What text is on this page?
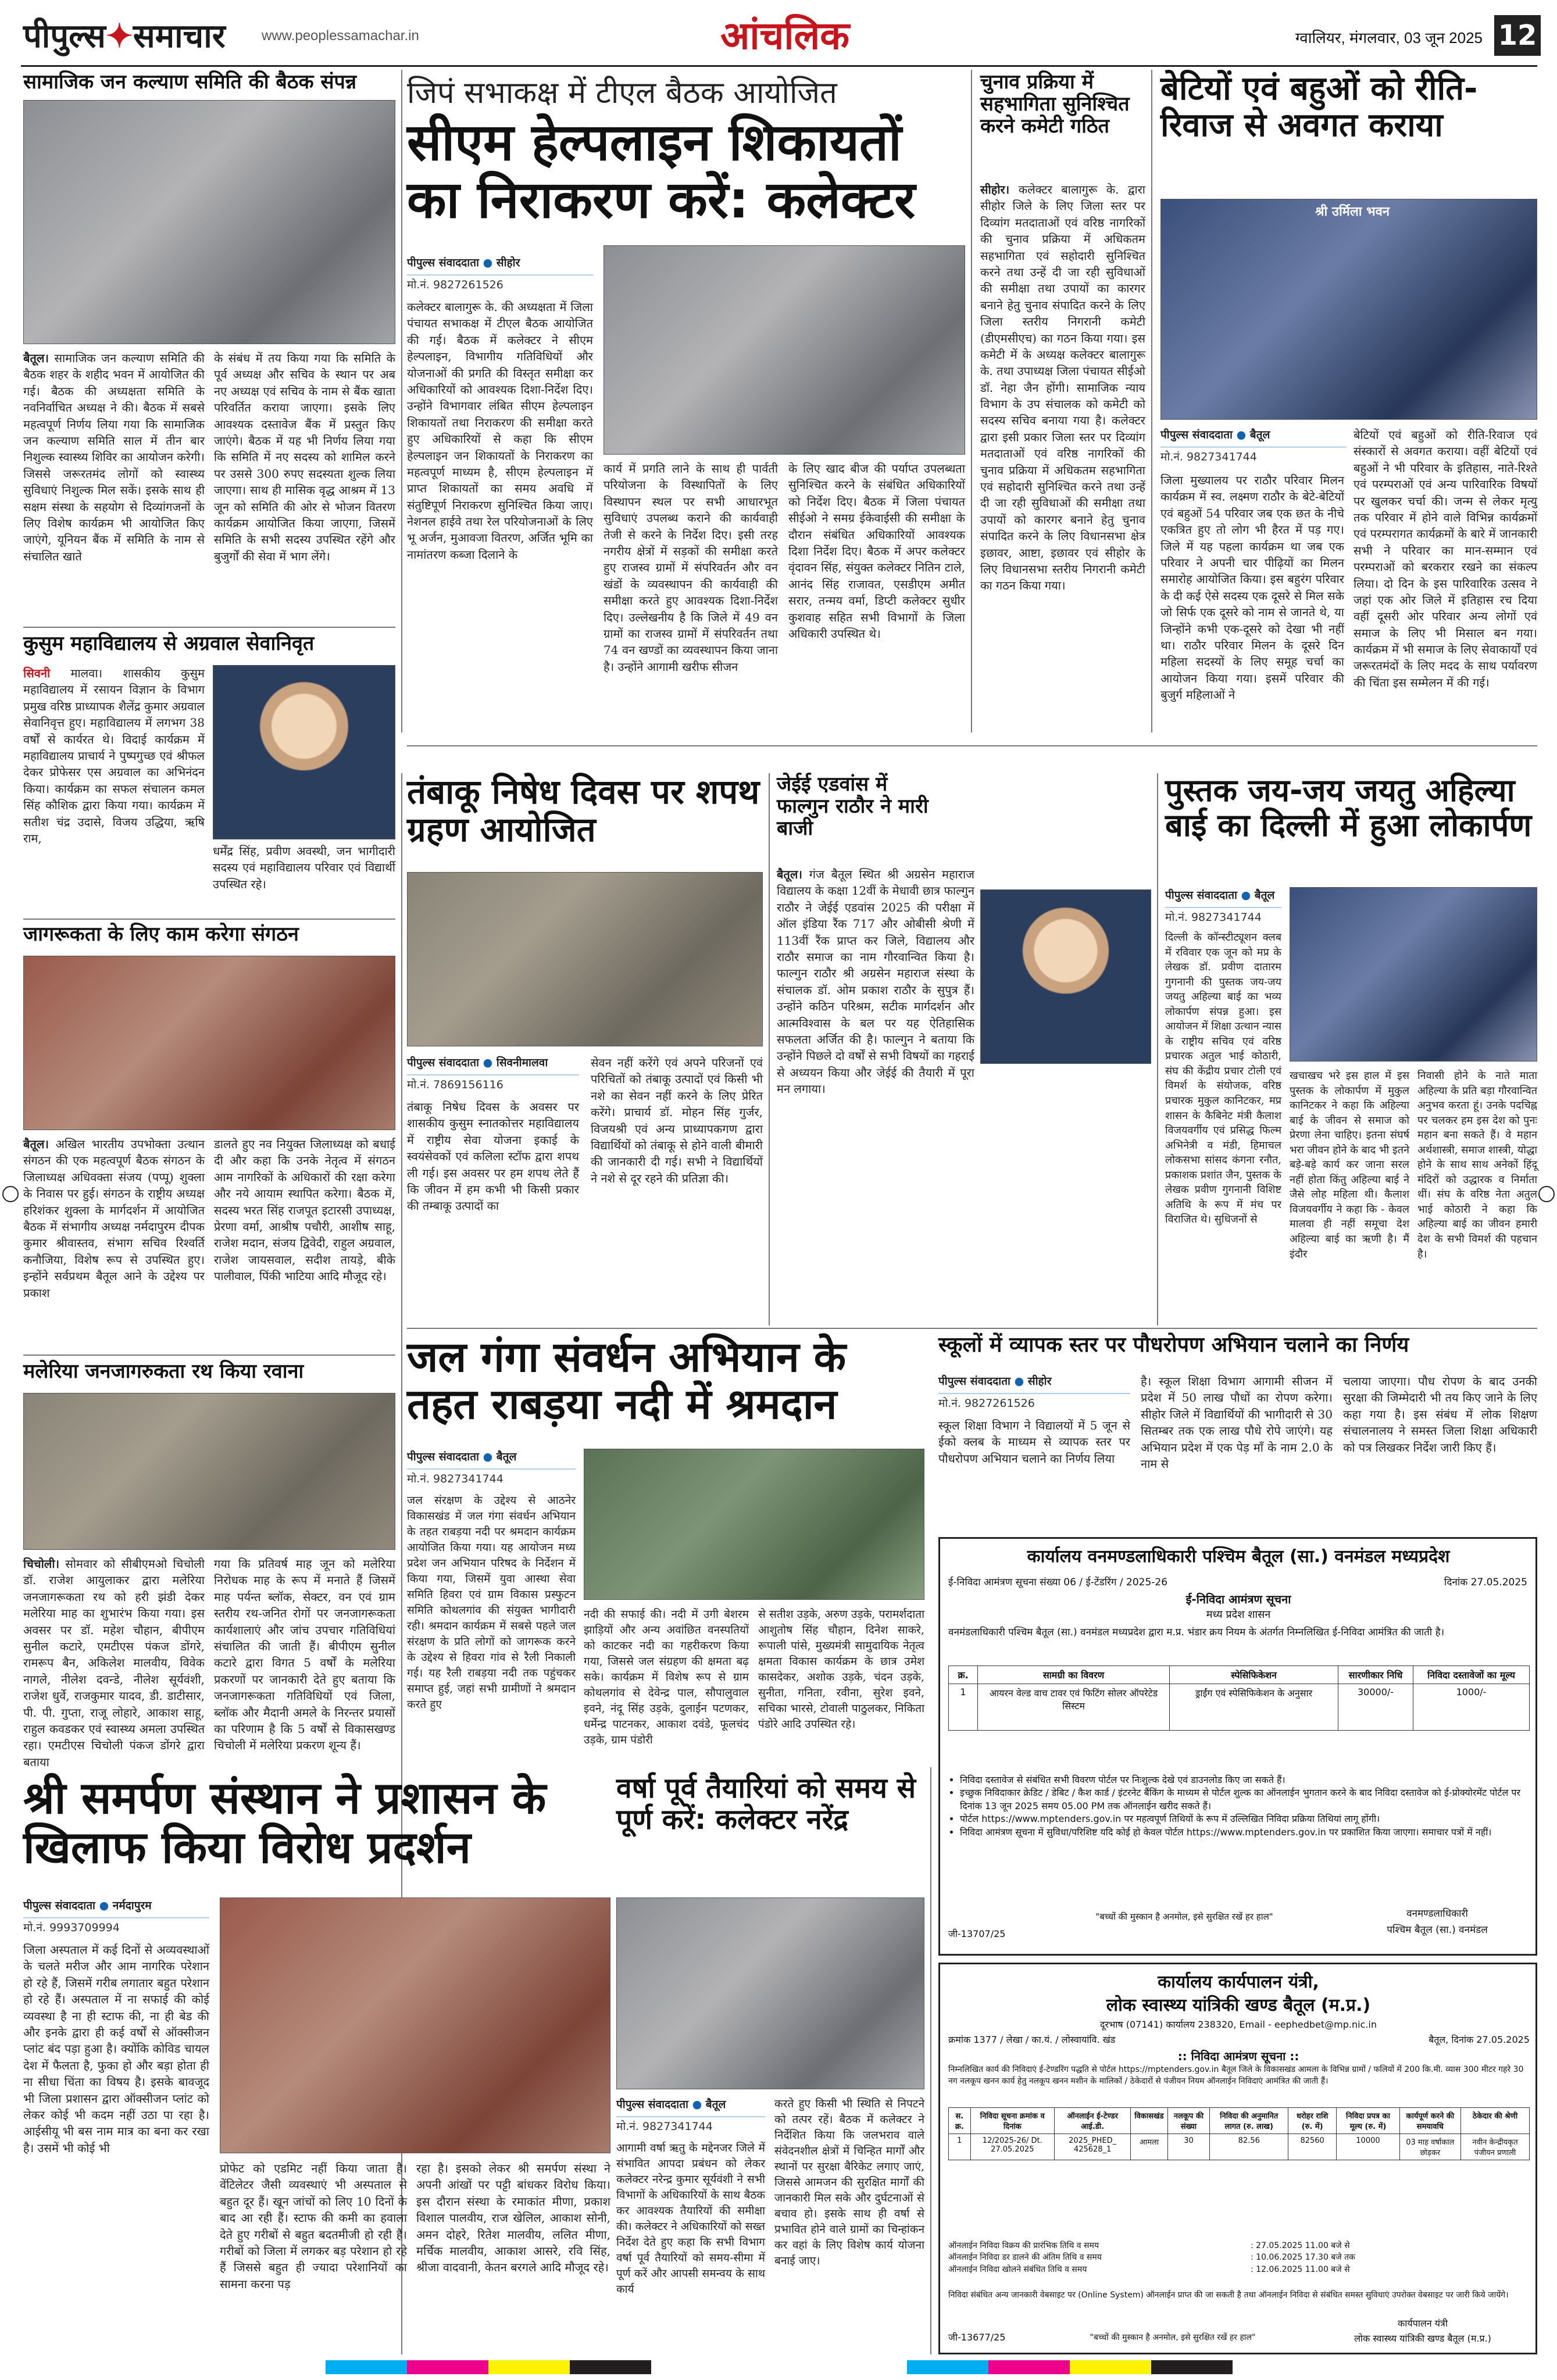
पीपुल्स✦समाचार	www.peoplessamachar.in	आंचलिक	ग्वालियर, मंगलवार, 03 जून 2025 12
सामाजिक जन कल्याण समिति की बैठक संपन्न
बैतूल। सामाजिक जन कल्याण समिति की बैठक शहर के शहीद भवन में आयोजित की गई। बैठक की अध्यक्षता समिति के नवनिर्वाचित अध्यक्ष ने की। बैठक में सबसे महत्वपूर्ण निर्णय लिया गया कि सामाजिक जन कल्याण समिति साल में तीन बार निशुल्क स्वास्थ्य शिविर का आयोजन करेगी। जिससे जरूरतमंद लोगों को स्वास्थ्य सुविधाएं निशुल्क मिल सकें। इसके साथ ही सक्षम संस्था के सहयोग से दिव्यांगजनों के लिए विशेष कार्यक्रम भी आयोजित किए जाएंगे, यूनियन बैंक में समिति के नाम से संचालित खाते
के संबंध में तय किया गया कि समिति के पूर्व अध्यक्ष और सचिव के स्थान पर अब नए अध्यक्ष एवं सचिव के नाम से बैंक खाता परिवर्तित कराया जाएगा। इसके लिए आवश्यक दस्तावेज बैंक में प्रस्तुत किए जाएंगे। बैठक में यह भी निर्णय लिया गया कि समिति में नए सदस्य को शामिल करने पर उससे 300 रुपए सदस्यता शुल्क लिया जाएगा। साथ ही मासिक वृद्ध आश्रम में 13 जून को समिति की ओर से भोजन वितरण कार्यक्रम आयोजित किया जाएगा, जिसमें समिति के सभी सदस्य उपस्थित रहेंगे और बुजुर्गों की सेवा में भाग लेंगे।
कुसुम महाविद्यालय से अग्रवाल सेवानिवृत
सिवनी मालवा। शासकीय कुसुम महाविद्यालय में रसायन विज्ञान के विभाग प्रमुख वरिष्ठ प्राध्यापक शैलेंद्र कुमार अग्रवाल सेवानिवृत्त हुए। महाविद्यालय में लगभग 38 वर्षों से कार्यरत थे। विदाई कार्यक्रम में महाविद्यालय प्राचार्य ने पुष्पगुच्छ एवं श्रीफल देकर प्रोफेसर एस अग्रवाल का अभिनंदन किया। कार्यक्रम का सफल संचालन कमल सिंह कौशिक द्वारा किया गया। कार्यक्रम में सतीश चंद्र उदासे, विजय उद्धिया, ऋषि राम,
धर्मेंद्र सिंह, प्रवीण अवस्थी, जन भागीदारी सदस्य एवं महाविद्यालय परिवार एवं विद्यार्थी उपस्थित रहे।
जागरूकता के लिए काम करेगा संगठन
बैतूल। अखिल भारतीय उपभोक्ता उत्थान संगठन की एक महत्वपूर्ण बैठक संगठन के जिलाध्यक्ष अधिवक्ता संजय (पप्पू) शुक्ला के निवास पर हुई। संगठन के राष्ट्रीय अध्यक्ष हरिशंकर शुक्ला के मार्गदर्शन में आयोजित बैठक में संभागीय अध्यक्ष नर्मदापुरम दीपक कुमार श्रीवास्तव, संभाग सचिव रिश्वर्ति कनौजिया, विशेष रूप से उपस्थित हुए। इन्होंने सर्वप्रथम बैतूल आने के उद्देश्य पर प्रकाश
डालते हुए नव नियुक्त जिलाध्यक्ष को बधाई दी और कहा कि उनके नेतृत्व में संगठन आम नागरिकों के अधिकारों की रक्षा करेगा और नये आयाम स्थापित करेगा। बैठक में, सदस्य भरत सिंह राजपूत इटारसी उपाध्यक्ष, प्रेरणा वर्मा, आश्रीष पचौरी, आशीष साहू, राजेश मदान, संजय द्विवेदी, राहुल अग्रवाल, राजेश जायसवाल, सदीश तायड़े, बीके पालीवाल, पिंकी भाटिया आदि मौजूद रहे।
मलेरिया जनजागरुकता रथ किया रवाना
चिचोली। सोमवार को सीबीएमओ चिचोली डॉ. राजेश आयुलाकर द्वारा मलेरिया जनजागरूकता रथ को हरी झंडी देकर मलेरिया माह का शुभारंभ किया गया। इस अवसर पर डॉ. महेश चौहान, बीपीएम सुनील कटारे, एमटीएस पंकज डोंगरे, रामरूप बैन, अकिलेश मालवीय, विवेक नागले, नीलेश दवन्डे, नीलेश सूर्यवंशी, राजेश धुर्वे, राजकुमार यादव, डी. डाटीसार, पी. पी. गुप्ता, राजू लोहारे, आकाश साहू, राहुल कवडकर एवं स्वास्थ्य अमला उपस्थित रहा। एमटीएस चिचोली पंकज डोंगरे द्वारा बताया
गया कि प्रतिवर्ष माह जून को मलेरिया निरोधक माह के रूप में मनाते हैं जिसमें माह पर्यन्त ब्लॉक, सेक्टर, वन एवं ग्राम स्तरीय रथ-जनित रोगों पर जनजागरूकता कार्यशालाएं और जांच उपचार गतिविधियां संचालित की जाती हैं। बीपीएम सुनील कटारे द्वारा विगत 5 वर्षों के मलेरिया प्रकरणों पर जानकारी देते हुए बताया कि जनजागरूकता गतिविधियों एवं जिला, ब्लॉक और मैदानी अमले के निरन्तर प्रयासों का परिणाम है कि 5 वर्षों से विकासखण्ड चिचोली में मलेरिया प्रकरण शून्य हैं।
जिपं सभाकक्ष में टीएल बैठक आयोजित
सीएम हेल्पलाइन शिकायतों का निराकरण करें: कलेक्टर
पीपुल्स संवाददाता ● सीहोर
मो.नं. 9827261526
कलेक्टर बालागुरू के. की अध्यक्षता में जिला पंचायत सभाकक्ष में टीएल बैठक आयोजित की गई। बैठक में कलेक्टर ने सीएम हेल्पलाइन, विभागीय गतिविधियों और योजनाओं की प्रगति की विस्तृत समीक्षा कर अधिकारियों को आवश्यक दिशा-निर्देश दिए। उन्होंने विभागवार लंबित सीएम हेल्पलाइन शिकायतों तथा निराकरण की समीक्षा करते हुए अधिकारियों से कहा कि सीएम हेल्पलाइन जन शिकायतों के निराकरण का महत्वपूर्ण माध्यम है, सीएम हेल्पलाइन में प्राप्त शिकायतों का समय अवधि में संतुष्टिपूर्ण निराकरण सुनिश्चित किया जाए। नेशनल हाईवे तथा रेल परियोजनाओं के लिए भू अर्जन, मुआवजा वितरण, अर्जित भूमि का नामांतरण कब्जा दिलाने के
कार्य में प्रगति लाने के साथ ही पार्वती परियोजना के विस्थापितों के लिए विस्थापन स्थल पर सभी आधारभूत सुविधाएं उपलब्ध कराने की कार्यवाही तेजी से करने के निर्देश दिए। इसी तरह नगरीय क्षेत्रों में सड़कों की समीक्षा करते हुए राजस्व ग्रामों में संपरिवर्तन और वन खंडों के व्यवस्थापन की कार्यवाही की समीक्षा करते हुए आवश्यक दिशा-निर्देश दिए। उल्लेखनीय है कि जिले में 49 वन ग्रामों का राजस्व ग्रामों में संपरिवर्तन तथा 74 वन खण्डों का व्यवस्थापन किया जाना है। उन्होंने आगामी खरीफ सीजन
के लिए खाद बीज की पर्याप्त उपलब्धता सुनिश्चित करने के संबंधित अधिकारियों को निर्देश दिए। बैठक में जिला पंचायत सीईओ ने समग्र ईकेवाईसी की समीक्षा के दौरान संबंधित अधिकारियों आवश्यक दिशा निर्देश दिए। बैठक में अपर कलेक्टर वृंदावन सिंह, संयुक्त कलेक्टर नितिन टाले, आनंद सिंह राजावत, एसडीएम अमीत सरार, तन्मय वर्मा, डिप्टी कलेक्टर सुधीर कुशवाह सहित सभी विभागों के जिला अधिकारी उपस्थित थे।
चुनाव प्रक्रिया में सहभागिता सुनिश्चित करने कमेटी गठित
सीहोर। कलेक्टर बालागुरू के. द्वारा सीहोर जिले के लिए जिला स्तर पर दिव्यांग मतदाताओं एवं वरिष्ठ नागरिकों की चुनाव प्रक्रिया में अधिकतम सहभागिता एवं सहोदारी सुनिश्चित करने तथा उन्हें दी जा रही सुविधाओं की समीक्षा तथा उपायों का कारगर बनाने हेतु चुनाव संपादित करने के लिए जिला स्तरीय निगरानी कमेटी (डीएमसीएच) का गठन किया गया। इस कमेटी में के अध्यक्ष कलेक्टर बालागुरू के. तथा उपाध्यक्ष जिला पंचायत सीईओ डॉ. नेहा जैन होंगी। सामाजिक न्याय विभाग के उप संचालक को कमेटी को सदस्य सचिव बनाया गया है। कलेक्टर द्वारा इसी प्रकार जिला स्तर पर दिव्यांग मतदाताओं एवं वरिष्ठ नागरिकों की चुनाव प्रक्रिया में अधिकतम सहभागिता एवं सहोदारी सुनिश्चित करने तथा उन्हें दी जा रही सुविधाओं की समीक्षा तथा उपायों को कारगर बनाने हेतु चुनाव संपादित करने के लिए विधानसभा क्षेत्र इछावर, आष्टा, इछावर एवं सीहोर के लिए विधानसभा स्तरीय निगरानी कमेटी का गठन किया गया।
बेटियों एवं बहुओं को रीति-रिवाज से अवगत कराया
श्री उर्मिला भवन
पीपुल्स संवाददाता ● बैतूल
मो.नं. 9827341744
जिला मुख्यालय पर राठौर परिवार मिलन कार्यक्रम में स्व. लक्ष्मण राठौर के बेटे-बेटियों एवं बहुओं 54 परिवार जब एक छत के नीचे एकत्रित हुए तो लोग भी हैरत में पड़ गए। जिले में यह पहला कार्यक्रम था जब एक परिवार ने अपनी चार पीढ़ियों का मिलन समारोह आयोजित किया। इस बहुरंग परिवार के दी कई ऐसे सदस्य एक दूसरे से मिल सके जो सिर्फ एक दूसरे को नाम से जानते थे, या जिन्होंने कभी एक-दूसरे को देखा भी नहीं था। राठौर परिवार मिलन के दूसरे दिन महिला सदस्यों के लिए समूह चर्चा का आयोजन किया गया। इसमें परिवार की बुजुर्ग महिलाओं ने
बेटियों एवं बहुओं को रीति-रिवाज एवं संस्कारों से अवगत कराया। वहीं बेटियों एवं बहुओं ने भी परिवार के इतिहास, नाते-रिश्ते एवं परम्पराओं एवं अन्य पारिवारिक विषयों पर खुलकर चर्चा की। जन्म से लेकर मृत्यु तक परिवार में होने वाले विभिन्न कार्यक्रमों एवं परम्परागत कार्यक्रमों के बारे में जानकारी सभी ने परिवार का मान-सम्मान एवं परम्पराओं को बरकरार रखने का संकल्प लिया। दो दिन के इस पारिवारिक उत्सव ने जहां एक ओर जिले में इतिहास रच दिया वहीं दूसरी ओर परिवार अन्य लोगों एवं समाज के लिए भी मिसाल बन गया। कार्यक्रम में भी समाज के लिए सेवाकार्यों एवं जरूरतमंदों के लिए मदद के साथ पर्यावरण की चिंता इस सम्मेलन में की गई।
तंबाकू निषेध दिवस पर शपथ ग्रहण आयोजित
पीपुल्स संवाददाता ● सिवनीमालवा
मो.नं. 7869156116
तंबाकू निषेध दिवस के अवसर पर शासकीय कुसुम स्नातकोत्तर महाविद्यालय में राष्ट्रीय सेवा योजना इकाई के स्वयंसेवकों एवं कलिला स्टॉफ द्वारा शपथ ली गई। इस अवसर पर हम शपथ लेते हैं कि जीवन में हम कभी भी किसी प्रकार की तम्बाकू उत्पादों का
सेवन नहीं करेंगे एवं अपने परिजनों एवं परिचितों को तंबाकू उत्पादों एवं किसी भी नशे का सेवन नहीं करने के लिए प्रेरित करेंगे। प्राचार्य डॉ. मोहन सिंह गुर्जर, विजयश्री एवं अन्य प्राध्यापकगण द्वारा विद्यार्थियों को तंबाकू से होने वाली बीमारी की जानकारी दी गई। सभी ने विद्यार्थियों ने नशे से दूर रहने की प्रतिज्ञा की।
जेईई एडवांस में फाल्गुन राठौर ने मारी बाजी
बैतूल। गंज बैतूल स्थित श्री अग्रसेन महाराज विद्यालय के कक्षा 12वीं के मेधावी छात्र फाल्गुन राठौर ने जेईई एडवांस 2025 की परीक्षा में ऑल इंडिया रैंक 717 और ओबीसी श्रेणी में 113वीं रैंक प्राप्त कर जिले, विद्यालय और राठौर समाज का नाम गौरवान्वित किया है। फाल्गुन राठौर श्री अग्रसेन महाराज संस्था के संचालक डॉ. ओम प्रकाश राठौर के सुपुत्र हैं। उन्होंने कठिन परिश्रम, सटीक मार्गदर्शन और आत्मविश्वास के बल पर यह ऐतिहासिक सफलता अर्जित की है। फाल्गुन ने बताया कि उन्होंने पिछले दो वर्षों से सभी विषयों का गहराई से अध्ययन किया और जेईई की तैयारी में पूरा मन लगाया।
पुस्तक जय-जय जयतु अहिल्या बाई का दिल्ली में हुआ लोकार्पण
पीपुल्स संवाददाता ● बैतूल
मो.नं. 9827341744
दिल्ली के कॉन्स्टीट्यूशन क्लब में रविवार एक जून को मप्र के लेखक डॉ. प्रवीण दातारम गुगनानी की पुस्तक जय-जय जयतु अहिल्या बाई का भव्य लोकार्पण संपन्न हुआ। इस आयोजन में शिक्षा उत्थान न्यास के राष्ट्रीय सचिव एवं वरिष्ठ प्रचारक अतुल भाई कोठारी, संघ की केंद्रीय प्रचार टोली एवं विमर्श के संयोजक, वरिष्ठ प्रचारक मुकुल कानिटकर, मप्र शासन के कैबिनेट मंत्री कैलाश विजयवर्गीय एवं प्रसिद्ध फिल्म अभिनेत्री व मंडी, हिमाचल लोकसभा सांसद कंगना रनौत, प्रकाशक प्रशांत जैन, पुस्तक के लेखक प्रवीण गुगनानी विशिष्ट अतिथि के रूप में मंच पर विराजित थे। सुधिजनों से
खचाखच भरे इस हाल में इस पुस्तक के लोकार्पण में मुकुल कानिटकर ने कहा कि अहिल्या बाई के जीवन से समाज को प्रेरणा लेना चाहिए। इतना संघर्ष भरा जीवन होने के बाद भी इतने बड़े-बड़े कार्य कर जाना सरल नहीं होता किंतु अहिल्या बाई ने जैसे लोह महिला थी। कैलाश विजयवर्गीय ने कहा कि - केवल मालवा ही नहीं समूचा देश अहिल्या बाई का ऋणी है। मैं इंदौर
निवासी होने के नाते माता अहिल्या के प्रति बड़ा गौरवान्वित अनुभव करता हूं। उनके पदचिह्न पर चलकर हम इस देश को पुनः महान बना सकते हैं। वे महान अर्थशास्त्री, समाज शास्त्री, योद्धा होने के साथ साथ अनेकों हिंदू मंदिरों को उद्धारक व निर्माता थीं। संघ के वरिष्ठ नेता अतुल भाई कोठारी ने कहा कि अहिल्या बाई का जीवन हमारी देश के सभी विमर्श की पहचान है।
जल गंगा संवर्धन अभियान के तहत राबड़या नदी में श्रमदान
पीपुल्स संवाददाता ● बैतूल
मो.नं. 9827341744
जल संरक्षण के उद्देश्य से आठनेर विकासखंड में जल गंगा संवर्धन अभियान के तहत राबड़या नदी पर श्रमदान कार्यक्रम आयोजित किया गया। यह आयोजन मध्य प्रदेश जन अभियान परिषद के निर्देशन में किया गया, जिसमें युवा आस्था सेवा समिति हिवरा एवं ग्राम विकास प्रस्फुटन समिति कोथलगांव की संयुक्त भागीदारी रही। श्रमदान कार्यक्रम में सबसे पहले जल संरक्षण के प्रति लोगों को जागरूक करने के उद्देश्य से हिवरा गांव से रैली निकाली गई। यह रैली राबड़या नदी तक पहुंचकर समाप्त हुई, जहां सभी ग्रामीणों ने श्रमदान करते हुए
नदी की सफाई की। नदी में उगी बेशरम झाड़ियों और अन्य अवांछित वनस्पतियों को काटकर नदी का गहरीकरण किया गया, जिससे जल संग्रहण की क्षमता बढ़ सके। कार्यक्रम में विशेष रूप से ग्राम कोथलगांव से देवेन्द्र पाल, सौपालुवाल इवने, नंदू सिंह उड़के, दुलाईन पटणकर, धर्मेन्द्र पाटनकर, आकाश दवंडे, फूलचंद उड़के, ग्राम पंडोरी
से सतीश उड़के, अरुण उड़के, परामर्शदाता आशुतोष सिंह चौहान, दिनेश साकरे, रूपाली पांसे, मुख्यमंत्री सामुदायिक नेतृत्व क्षमता विकास कार्यक्रम के छात्र उमेश कासदेकर, अशोक उड़के, चंदन उड़के, सुनीता, गनिता, रवीना, सुरेश इवने, सचिका भारसे, टोवाली पाठुलकर, निकिता पंडोरे आदि उपस्थित रहे।
स्कूलों में व्यापक स्तर पर पौधरोपण अभियान चलाने का निर्णय
पीपुल्स संवाददाता ● सीहोर
मो.नं. 9827261526
स्कूल शिक्षा विभाग ने विद्यालयों में 5 जून से ईको क्लब के माध्यम से व्यापक स्तर पर पौधरोपण अभियान चलाने का निर्णय लिया
है। स्कूल शिक्षा विभाग आगामी सीजन में प्रदेश में 50 लाख पौधों का रोपण करेगा। सीहोर जिले में विद्यार्थियों की भागीदारी से 30 सितम्बर तक एक लाख पौधे रोपे जाएंगे। यह अभियान प्रदेश में एक पेड़ माँ के नाम 2.0 के नाम से
चलाया जाएगा। पौध रोपण के बाद उनकी सुरक्षा की जिम्मेदारी भी तय किए जाने के लिए कहा गया है। इस संबंध में लोक शिक्षण संचालनालय ने समस्त जिला शिक्षा अधिकारी को पत्र लिखकर निर्देश जारी किए हैं।
कार्यालय वनमण्डलाधिकारी पश्चिम बैतूल (सा.) वनमंडल मध्यप्रदेश
ई-निविदा आमंत्रण सूचना संख्या 06 / ई-टेंडरिंग / 2025-26	दिनांक 27.05.2025
ई-निविदा आमंत्रण सूचना
मध्य प्रदेश शासन
वनमंडलाधिकारी पश्चिम बैतूल (सा.) वनमंडल मध्यप्रदेश द्वारा म.प्र. भंडार क्रय नियम के अंतर्गत निम्नलिखित ई-निविदा आमंत्रित की जाती है।
क्र.	सामग्री का विवरण	स्पेसिफिकेशन	सारणीकार निधि	निविदा दस्तावेजों का मूल्य
1	आयरन वेल्ड वाच टावर एवं फिटिंग सोलर ऑपरेटेड सिस्टम	ड्राईंग एवं स्पेसिफिकेशन के अनुसार	30000/-	1000/-
• निविदा दस्तावेज से संबंधित सभी विवरण पोर्टल पर निःशुल्क देखे एवं डाउनलोड किए जा सकते हैं।
• इच्छुक निविदाकार क्रेडिट / डेबिट / कैश कार्ड / इंटरनेट बैंकिंग के माध्यम से पोर्टल शुल्क का ऑनलाईन भुगतान करने के बाद निविदा दस्तावेज को ई-प्रोक्योरमेंट पोर्टल पर दिनांक 13 जून 2025 समय 05.00 PM तक ऑनलाईन खरीद सकते हैं।
• पोर्टल https://www.mptenders.gov.in पर महत्वपूर्ण तिथियों के रूप में उल्लिखित निविदा प्रक्रिया तिथियां लागू होंगी।
• निविदा आमंत्रण सूचना में सुविधा/परिशिष्ट यदि कोई हो केवल पोर्टल https://www.mptenders.gov.in पर प्रकाशित किया जाएगा। समाचार पत्रों में नहीं।
जी-13707/25
"बच्चों की मुस्कान है अनमोल, इसे सुरक्षित रखें हर हाल"	वनमण्डलाधिकारी
पश्चिम बैतूल (सा.) वनमंडल
श्री समर्पण संस्थान ने प्रशासन के खिलाफ किया विरोध प्रदर्शन
पीपुल्स संवाददाता ● नर्मदापुरम
मो.नं. 9993709994
जिला अस्पताल में कई दिनों से अव्यवस्थाओं के चलते मरीज और आम नागरिक परेशान हो रहे हैं, जिसमें गरीब लगातार बहुत परेशान हो रहे हैं। अस्पताल में ना सफाई की कोई व्यवस्था है ना ही स्टाफ की, ना ही बेड की और इनके द्वारा ही कई वर्षों से ऑक्सीजन प्लांट बंद पड़ा हुआ है। क्योंकि कोविड चायल देश में फैलता है, फुका हो और बड़ा होता ही ना सीधा चिंता का विषय है। इसके बावजूद भी जिला प्रशासन द्वारा ऑक्सीजन प्लांट को लेकर कोई भी कदम नहीं उठा पा रहा है। आईसीयू भी बस नाम मात्र का बना कर रखा है। उसमें भी कोई भी
प्रोफेट को एडमिट नहीं किया जाता है। वेंटिलेटर जैसी व्यवस्थाएं भी अस्पताल से बहुत दूर हैं। खून जांचों को लिए 10 दिनों के बाद आ रही हैं। स्टाफ की कमी का हवाला देते हुए गरीबों से बहुत बदतमीजी हो रही हैं। गरीबों को जिला में लगकर बड़ परेशान हो रहे हैं जिससे बहुत ही ज्यादा परेशानियों का सामना करना पड़
रहा है। इसको लेकर श्री समर्पण संस्था ने अपनी आंखों पर पट्टी बांधकर विरोध किया। इस दौरान संस्था के रमाकांत मीणा, प्रकाश विशाल पालवीय, राज खेलिल, आकाश सोनी, अमन दोहरे, रितेश मालवीय, ललित मीणा, मर्चिक मालवीय, आकाश आसरे, रवि सिंह, श्रीजा वादवानी, केतन बरगले आदि मौजूद रहे।
वर्षा पूर्व तैयारियां को समय से पूर्ण करें: कलेक्टर नरेंद्र
पीपुल्स संवाददाता ● बैतूल
मो.नं. 9827341744
आगामी वर्षा ऋतु के मद्देनजर जिले में संभावित आपदा प्रबंधन को लेकर कलेक्टर नरेन्द्र कुमार सूर्यवंशी ने सभी विभागों के अधिकारियों के साथ बैठक कर आवश्यक तैयारियों की समीक्षा की। कलेक्टर ने अधिकारियों को सख्त निर्देश देते हुए कहा कि सभी विभाग वर्षा पूर्व तैयारियों को समय-सीमा में पूर्ण करें और आपसी समन्वय के साथ कार्य
करते हुए किसी भी स्थिति से निपटने को तत्पर रहें। बैठक में कलेक्टर ने निर्देशित किया कि जलभराव वाले संवेदनशील क्षेत्रों में चिन्हित मार्गों और स्थानों पर सुरक्षा बैरिकेट लगाए जाएं, जिससे आमजन की सुरक्षित मार्गों की जानकारी मिल सके और दुर्घटनाओं से बचाव हो। इसके साथ ही वर्षा से प्रभावित होने वाले ग्रामों का चिन्हांकन कर वहां के लिए विशेष कार्य योजना बनाई जाए।
कार्यालय कार्यपालन यंत्री,
लोक स्वास्थ्य यांत्रिकी खण्ड बैतूल (म.प्र.)
दूरभाष (07141) कार्यालय 238320, Email - eephedbet@mp.nic.in
क्रमांक 1377 / लेखा / का.यं. / लोस्वायांवि. खंड	बैतूल, दिनांक 27.05.2025
:: निविदा आमंत्रण सूचना ::
निम्नलिखित कार्य की निविदाएं ई-टेण्डरिंग पद्धति से पोर्टल https://mptenders.gov.in बैतूल जिले के विकासखंड आमला के विभिन्न ग्रामों / फलियों में 200 कि.मी. व्यास 300 मीटर गहरे 30 नग नलकूप खनन कार्य हेतु नलकूप खनन मशीन के मालिकों / ठेकेदारों से पंजीयन नियम ऑनलाईन निविदाएं आमंत्रित की जाती हैं।
स. क्र.	निविदा सूचना क्रमांक व दिनांक	ऑनलाईन ई-टेण्डर आई.डी.	विकासखंड	नलकूप की संख्या	निविदा की अनुमानित लागत (रु. लाख)	धरोहर राशि (रु. में)	निविदा प्रपत्र का मूल्य (रु. में)	कार्यपूर्ण करने की समयावधि	ठेकेदार की श्रेणी
1	12/2025-26/ Dt. 27.05.2025	2025_PHED_ 425628_1	आमला	30	82.56	82560	10000	03 माह वर्षाकाल छोड़कर	नवीन केन्द्रीयकृत पंजीयन प्रणाली
ऑनलाईन निविदा विक्रय की प्रारंभिक तिथि व समय	: 27.05.2025 11.00 बजे से
ऑनलाईन निविदा डर डालने की अंतिम तिथि व समय	: 10.06.2025 17.30 बजे तक
ऑनलाईन निविदा खोलने संबंधित तिथि व समय	: 12.06.2025 11.00 बजे से
निविदा संबंधित अन्य जानकारी वेबसाइट पर (Online System) ऑनलाईन प्राप्त की जा सकती है तथा ऑनलाईन निविदा से संबंधित समस्त सुविधाएं उपरोक्त वेबसाइट पर जारी किये जायेंगे।
जी-13677/25	"बच्चों की मुस्कान है अनमोल, इसे सुरक्षित रखें हर हाल"
कार्यपालन यंत्री
लोक स्वास्थ्य यांत्रिकी खण्ड बैतूल (म.प्र.)
